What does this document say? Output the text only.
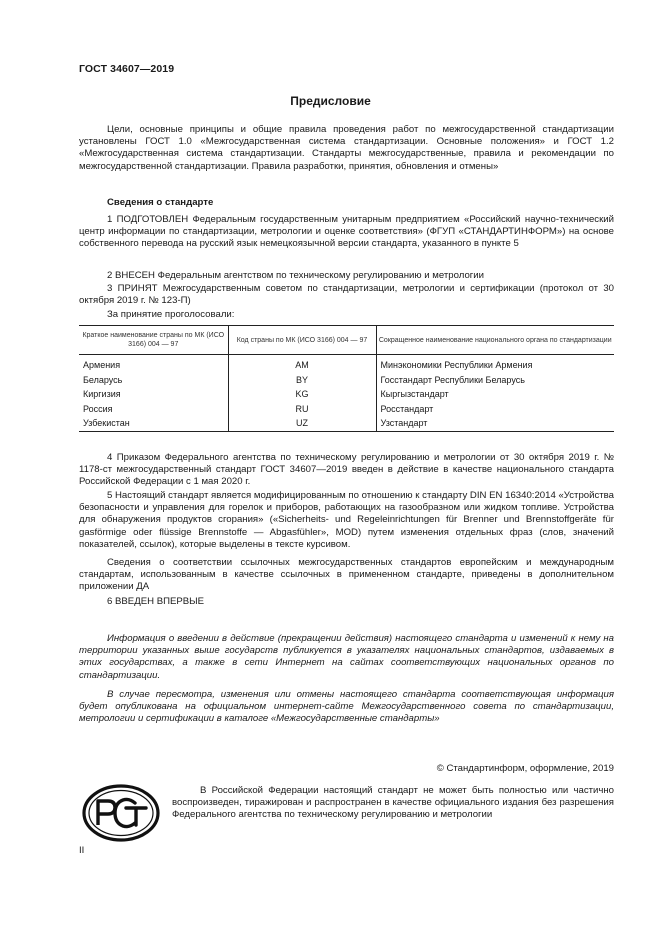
ГОСТ 34607—2019
Предисловие
Цели, основные принципы и общие правила проведения работ по межгосударственной стандартизации установлены ГОСТ 1.0 «Межгосударственная система стандартизации. Основные положения» и ГОСТ 1.2 «Межгосударственная система стандартизации. Стандарты межгосударственные, правила и рекомендации по межгосударственной стандартизации. Правила разработки, принятия, обновления и отмены»
Сведения о стандарте
1 ПОДГОТОВЛЕН Федеральным государственным унитарным предприятием «Российский научно-технический центр информации по стандартизации, метрологии и оценке соответствия» (ФГУП «СТАНДАРТИНФОРМ») на основе собственного перевода на русский язык немецкоязычной версии стандарта, указанного в пункте 5
2 ВНЕСЕН Федеральным агентством по техническому регулированию и метрологии
3 ПРИНЯТ Межгосударственным советом по стандартизации, метрологии и сертификации (протокол от 30 октября 2019 г. № 123-П)
За принятие проголосовали:
Краткое наименование страны по МК (ИСО 3166) 004 — 97	Код страны по МК (ИСО 3166) 004 — 97	Сокращенное наименование национального органа по стандартизации
Армения	AM	Минэкономики Республики Армения
Беларусь	BY	Госстандарт Республики Беларусь
Киргизия	KG	Кыргызстандарт
Россия	RU	Росстандарт
Узбекистан	UZ	Узстандарт
4 Приказом Федерального агентства по техническому регулированию и метрологии от 30 октября 2019 г. № 1178-ст межгосударственный стандарт ГОСТ 34607—2019 введен в действие в качестве национального стандарта Российской Федерации с 1 мая 2020 г.
5 Настоящий стандарт является модифицированным по отношению к стандарту DIN EN 16340:2014 «Устройства безопасности и управления для горелок и приборов, работающих на газообразном или жидком топливе. Устройства для обнаружения продуктов сгорания» («Sicherheits- und Regeleinrichtungen für Brenner und Brennstoffgeräte für gasförmige oder flüssige Brennstoffe — Abgasfühler», MOD) путем изменения отдельных фраз (слов, значений показателей, ссылок), которые выделены в тексте курсивом.
Сведения о соответствии ссылочных межгосударственных стандартов европейским и международным стандартам, использованным в качестве ссылочных в примененном стандарте, приведены в дополнительном приложении ДА
6 ВВЕДЕН ВПЕРВЫЕ
Информация о введении в действие (прекращении действия) настоящего стандарта и изменений к нему на территории указанных выше государств публикуется в указателях национальных стандартов, издаваемых в этих государствах, а также в сети Интернет на сайтах соответствующих национальных органов по стандартизации.
В случае пересмотра, изменения или отмены настоящего стандарта соответствующая информация будет опубликована на официальном интернет-сайте Межгосударственного совета по стандартизации, метрологии и сертификации в каталоге «Межгосударственные стандарты»
© Стандартинформ, оформление, 2019
В Российской Федерации настоящий стандарт не может быть полностью или частично воспроизведен, тиражирован и распространен в качестве официального издания без разрешения Федерального агентства по техническому регулированию и метрологии
II
